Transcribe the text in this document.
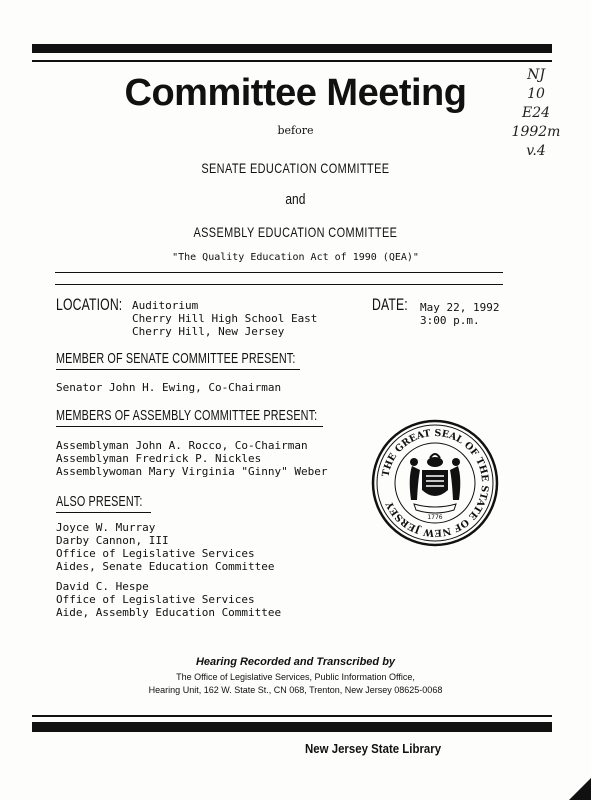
NJ
10
E24
1992m
v.4
Committee Meeting
before
SENATE EDUCATION COMMITTEE
and
ASSEMBLY EDUCATION COMMITTEE
"The Quality Education Act of 1990 (QEA)"
LOCATION: Auditorium
Cherry Hill High School East
Cherry Hill, New Jersey
DATE: May 22, 1992
3:00 p.m.
MEMBER OF SENATE COMMITTEE PRESENT:
Senator John H. Ewing, Co-Chairman
MEMBERS OF ASSEMBLY COMMITTEE PRESENT:
Assemblyman John A. Rocco, Co-Chairman
Assemblyman Fredrick P. Nickles
Assemblywoman Mary Virginia "Ginny" Weber
ALSO PRESENT:
Joyce W. Murray
Darby Cannon, III
Office of Legislative Services
Aides, Senate Education Committee
David C. Hespe
Office of Legislative Services
Aide, Assembly Education Committee
THE GREAT SEAL OF THE STATE OF NEW JERSEY
1776
Hearing Recorded and Transcribed by
The Office of Legislative Services, Public Information Office,
Hearing Unit, 162 W. State St., CN 068, Trenton, New Jersey 08625-0068
New Jersey State Library
